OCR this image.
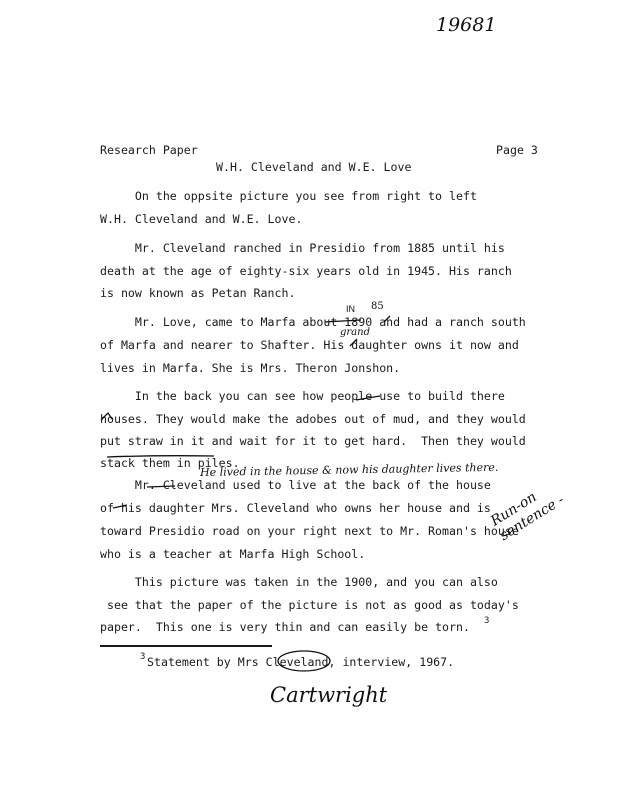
19681
Research Paper	Page 3
W.H. Cleveland and W.E. Love
On the oppsite picture you see from right to left
W.H. Cleveland and W.E. Love.
Mr. Cleveland ranched in Presidio from 1885 until his
death at the age of eighty-six years old in 1945. His ranch
is now known as Petan Ranch.
Mr. Love, came to Marfa about 1890 and had a ranch south
of Marfa and nearer to Shafter. His daughter owns it now and
lives in Marfa. She is Mrs. Theron Jonshon.
In the back you can see how people use to build there
houses. They would make the adobes out of mud, and they would
put straw in it and wait for it to get hard.  Then they would
stack them in piles.
Mr. Cleveland used to live at the back of the house
of his daughter Mrs. Cleveland who owns her house and is
toward Presidio road on your right next to Mr. Roman's house
who is a teacher at Marfa High School.
This picture was taken in the 1900, and you can also
see that the paper of the picture is not as good as today's
paper.  This one is very thin and can easily be torn. 3
3 Statement by Mrs Cleveland, interview, 1967.
IN 85
grand
He lived in the house & now his daughter lives there.
Run-on sentence -
Cartwright
